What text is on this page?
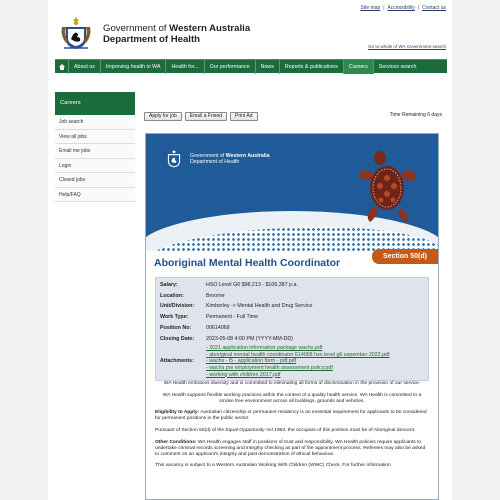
Site map | Accessibility | Contact us
Government of Western Australia
Department of Health
Go to whole of WA Government search
About us	Improving health in WA	Health for...	Our performance	News	Reports & publications	Careers	Services search
Careers
Job search
View all jobs
Email me jobs
Login
Closed jobs
Help/FAQ
Apply for job	Email a Friend	Print Ad	Time Remaining 6 days
Government of Western Australia
Department of Health
Section 50(d)
Aboriginal Mental Health Coordinator
Salary:	HSO Level G6 $98,213 - $106,387 p.a.
Location:	Broome
Unit/Division:	Kimberley -> Mental Health and Drug Service
Work Type:	Permanent - Full Time
Position No:	00614068
Closing Date:	2023-05-08 4:00 PM (YYYY-MM-DD)
Attachments:
- 2021 application information package wachs.pdf
- aboriginal mental health coordinator 614068 hso level g6 sepember 2022.pdf
- wachs - i5 - application form - pdf.pdf
- wachs pre employment health assessment policy.pdf
- working with children 2017.pdf

WA Health embraces diversity and is committed to eliminating all forms of discrimination in the provision of our service.

WA Health supports flexible working practices within the context of a quality health service. WA Health is committed to a smoke free environment across all buildings, grounds and vehicles.

Eligibility to Apply: Australian citizenship or permanent residency is an essential requirement for applicants to be considered for permanent positions in the public sector.

Pursuant of Section 50(d) of the Equal Opportunity Act 1984, the occupant of this position must be of Aboriginal descent.

Other Conditions: WA Health engages staff in positions of trust and responsibility. WA Health policies require applicants to undertake criminal records screening and integrity checking as part of the appointment process. Referees may also be asked to comment on an applicant's integrity and past demonstration of ethical behaviour.

This vacancy is subject to a Western Australian Working With Children (WWC) Check. For further information
